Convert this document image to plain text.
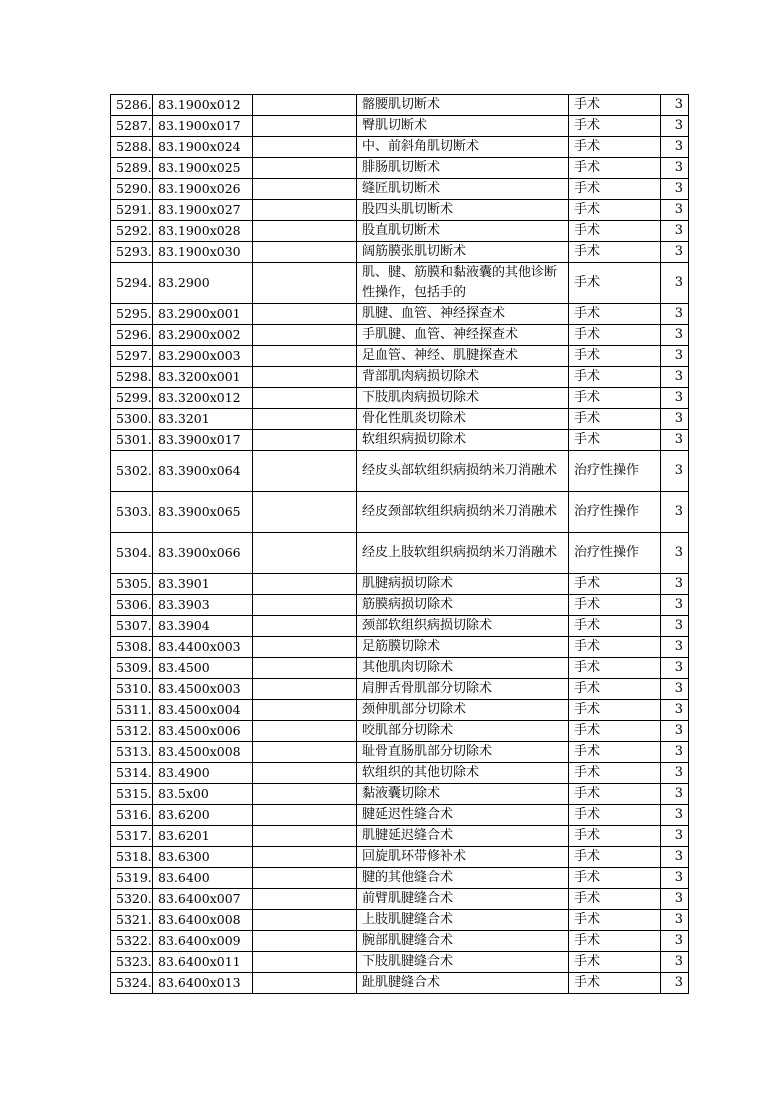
5286.	83.1900x012		髂腰肌切断术	手术	3
5287.	83.1900x017		臀肌切断术	手术	3
5288.	83.1900x024		中、前斜角肌切断术	手术	3
5289.	83.1900x025		腓肠肌切断术	手术	3
5290.	83.1900x026		缝匠肌切断术	手术	3
5291.	83.1900x027		股四头肌切断术	手术	3
5292.	83.1900x028		股直肌切断术	手术	3
5293.	83.1900x030		阔筋膜张肌切断术	手术	3
5294.	83.2900		肌、腱、筋膜和黏液囊的其他诊断性操作，包括手的	手术	3
5295.	83.2900x001		肌腱、血管、神经探查术	手术	3
5296.	83.2900x002		手肌腱、血管、神经探查术	手术	3
5297.	83.2900x003		足血管、神经、肌腱探查术	手术	3
5298.	83.3200x001		背部肌肉病损切除术	手术	3
5299.	83.3200x012		下肢肌肉病损切除术	手术	3
5300.	83.3201		骨化性肌炎切除术	手术	3
5301.	83.3900x017		软组织病损切除术	手术	3
5302.	83.3900x064		经皮头部软组织病损纳米刀消融术	治疗性操作	3
5303.	83.3900x065		经皮颈部软组织病损纳米刀消融术	治疗性操作	3
5304.	83.3900x066		经皮上肢软组织病损纳米刀消融术	治疗性操作	3
5305.	83.3901		肌腱病损切除术	手术	3
5306.	83.3903		筋膜病损切除术	手术	3
5307.	83.3904		颈部软组织病损切除术	手术	3
5308.	83.4400x003		足筋膜切除术	手术	3
5309.	83.4500		其他肌肉切除术	手术	3
5310.	83.4500x003		肩胛舌骨肌部分切除术	手术	3
5311.	83.4500x004		颈伸肌部分切除术	手术	3
5312.	83.4500x006		咬肌部分切除术	手术	3
5313.	83.4500x008		耻骨直肠肌部分切除术	手术	3
5314.	83.4900		软组织的其他切除术	手术	3
5315.	83.5x00		黏液囊切除术	手术	3
5316.	83.6200		腱延迟性缝合术	手术	3
5317.	83.6201		肌腱延迟缝合术	手术	3
5318.	83.6300		回旋肌环带修补术	手术	3
5319.	83.6400		腱的其他缝合术	手术	3
5320.	83.6400x007		前臂肌腱缝合术	手术	3
5321.	83.6400x008		上肢肌腱缝合术	手术	3
5322.	83.6400x009		腕部肌腱缝合术	手术	3
5323.	83.6400x011		下肢肌腱缝合术	手术	3
5324.	83.6400x013		趾肌腱缝合术	手术	3
